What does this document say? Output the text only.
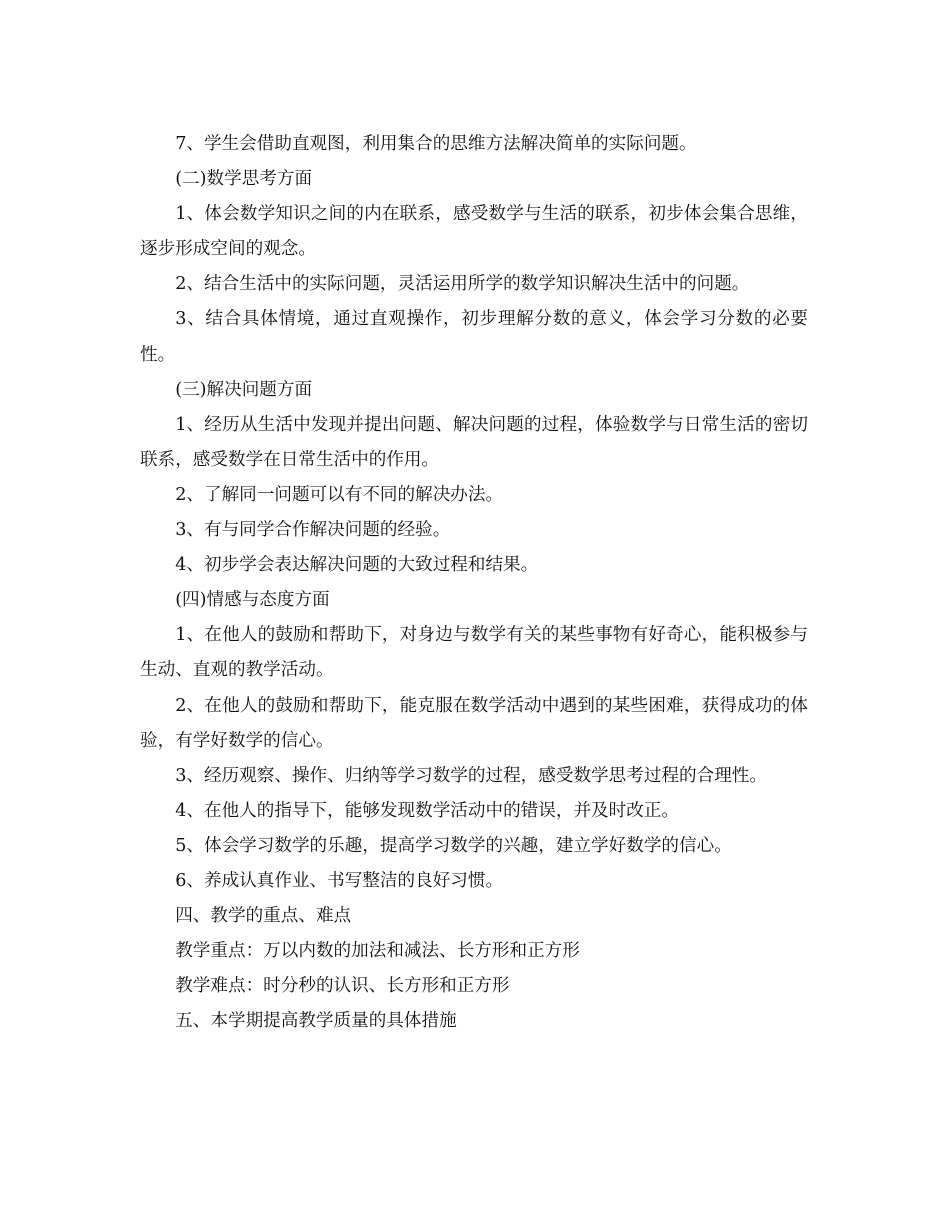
7、学生会借助直观图，利用集合的思维方法解决简单的实际问题。

(二)数学思考方面

1、体会数学知识之间的内在联系，感受数学与生活的联系，初步体会集合思维，逐步形成空间的观念。

2、结合生活中的实际问题，灵活运用所学的数学知识解决生活中的问题。

3、结合具体情境，通过直观操作，初步理解分数的意义，体会学习分数的必要性。

(三)解决问题方面

1、经历从生活中发现并提出问题、解决问题的过程，体验数学与日常生活的密切联系，感受数学在日常生活中的作用。

2、了解同一问题可以有不同的解决办法。

3、有与同学合作解决问题的经验。

4、初步学会表达解决问题的大致过程和结果。

(四)情感与态度方面

1、在他人的鼓励和帮助下，对身边与数学有关的某些事物有好奇心，能积极参与生动、直观的教学活动。

2、在他人的鼓励和帮助下，能克服在数学活动中遇到的某些困难，获得成功的体验，有学好数学的信心。

3、经历观察、操作、归纳等学习数学的过程，感受数学思考过程的合理性。

4、在他人的指导下，能够发现数学活动中的错误，并及时改正。

5、体会学习数学的乐趣，提高学习数学的兴趣，建立学好数学的信心。

6、养成认真作业、书写整洁的良好习惯。

四、教学的重点、难点

教学重点：万以内数的加法和减法、长方形和正方形

教学难点：时分秒的认识、长方形和正方形

五、本学期提高教学质量的具体措施
